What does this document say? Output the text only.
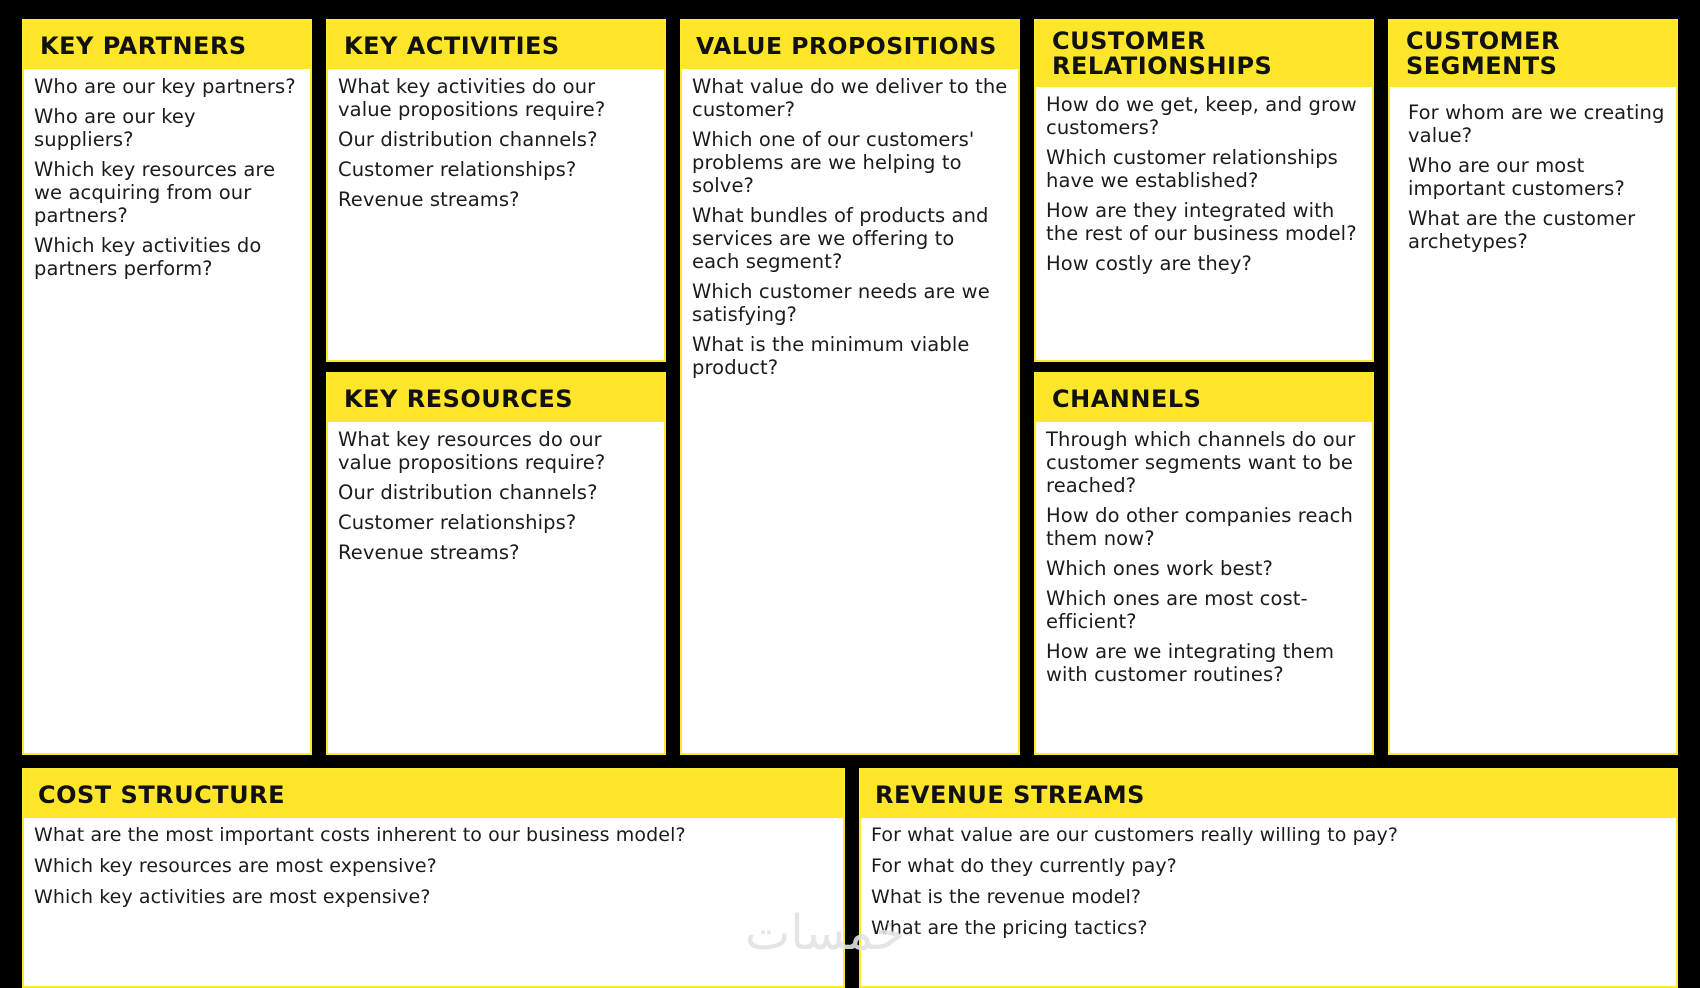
KEY PARTNERS
Who are our key partners?
Who are our key suppliers?
Which key resources are we acquiring from our partners?
Which key activities do partners perform?
KEY ACTIVITIES
What key activities do our value propositions require?
Our distribution channels?
Customer relationships?
Revenue streams?
KEY RESOURCES
What key resources do our value propositions require?
Our distribution channels?
Customer relationships?
Revenue streams?
VALUE PROPOSITIONS
What value do we deliver to the customer?
Which one of our customers' problems are we helping to solve?
What bundles of products and services are we offering to each segment?
Which customer needs are we satisfying?
What is the minimum viable product?
CUSTOMER
RELATIONSHIPS
How do we get, keep, and grow customers?
Which customer relationships have we established?
How are they integrated with the rest of our business model?
How costly are they?
CHANNELS
Through which channels do our customer segments want to be reached?
How do other companies reach them now?
Which ones work best?
Which ones are most cost-efficient?
How are we integrating them with customer routines?
CUSTOMER
SEGMENTS
For whom are we creating value?
Who are our most important customers?
What are the customer archetypes?
COST STRUCTURE
What are the most important costs inherent to our business model?
Which key resources are most expensive?
Which key activities are most expensive?
REVENUE STREAMS
For what value are our customers really willing to pay?
For what do they currently pay?
What is the revenue model?
What are the pricing tactics?
خمسات
